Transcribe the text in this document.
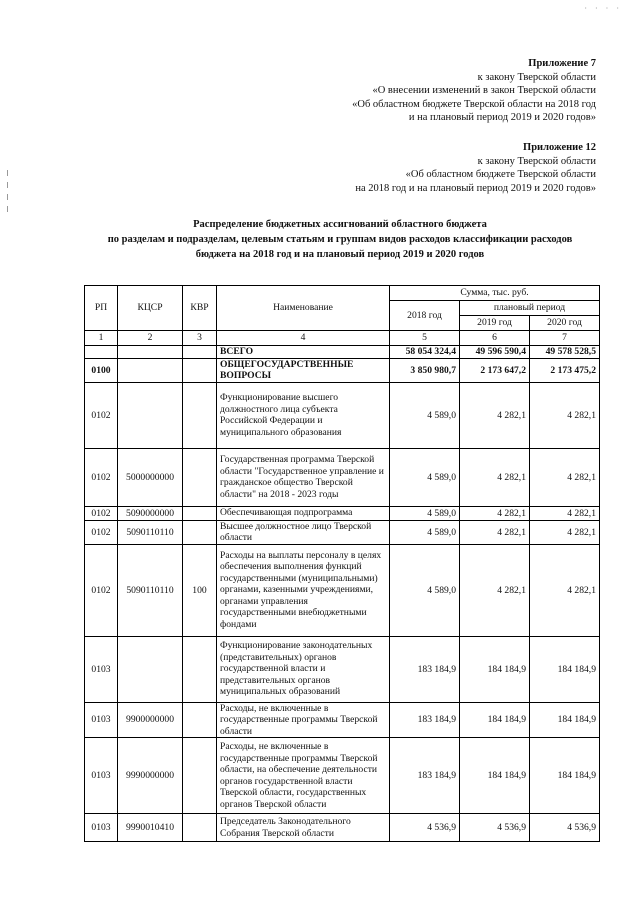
· · · ·
Приложение 7
к закону Тверской области
«О внесении изменений в закон Тверской области
«Об областном бюджете Тверской области на 2018 год
и на плановый период 2019 и 2020 годов»
Приложение 12
к закону Тверской области
«Об областном бюджете Тверской области
на 2018 год и на плановый период 2019 и 2020 годов»
Распределение бюджетных ассигнований областного бюджета
по разделам и подразделам, целевым статьям и группам видов расходов классификации расходов
бюджета на 2018 год и на плановый период 2019 и 2020 годов
РП	КЦСР	КВР	Наименование	Сумма, тыс. руб.		
				2018 год	плановый период	
					2019 год	2020 год
1	2	3	4	5	6	7
			ВСЕГО	58 054 324,4	49 596 590,4	49 578 528,5
0100			ОБЩЕГОСУДАРСТВЕННЫЕ ВОПРОСЫ	3 850 980,7	2 173 647,2	2 173 475,2
0102			Функционирование высшего должностного лица субъекта Российской Федерации и муниципального образования	4 589,0	4 282,1	4 282,1
0102	5000000000		Государственная программа Тверской области "Государственное управление и гражданское общество Тверской области" на 2018 - 2023 годы	4 589,0	4 282,1	4 282,1
0102	5090000000		Обеспечивающая подпрограмма	4 589,0	4 282,1	4 282,1
0102	5090110110		Высшее должностное лицо Тверской области	4 589,0	4 282,1	4 282,1
0102	5090110110	100	Расходы на выплаты персоналу в целях обеспечения выполнения функций государственными (муниципальными) органами, казенными учреждениями, органами управления государственными внебюджетными фондами	4 589,0	4 282,1	4 282,1
0103			Функционирование законодательных (представительных) органов государственной власти и представительных органов муниципальных образований	183 184,9	184 184,9	184 184,9
0103	9900000000		Расходы, не включенные в государственные программы Тверской области	183 184,9	184 184,9	184 184,9
0103	9990000000		Расходы, не включенные в государственные программы Тверской области, на обеспечение деятельности органов государственной власти Тверской области, государственных органов Тверской области	183 184,9	184 184,9	184 184,9
0103	9990010410		Председатель Законодательного Собрания Тверской области	4 536,9	4 536,9	4 536,9
